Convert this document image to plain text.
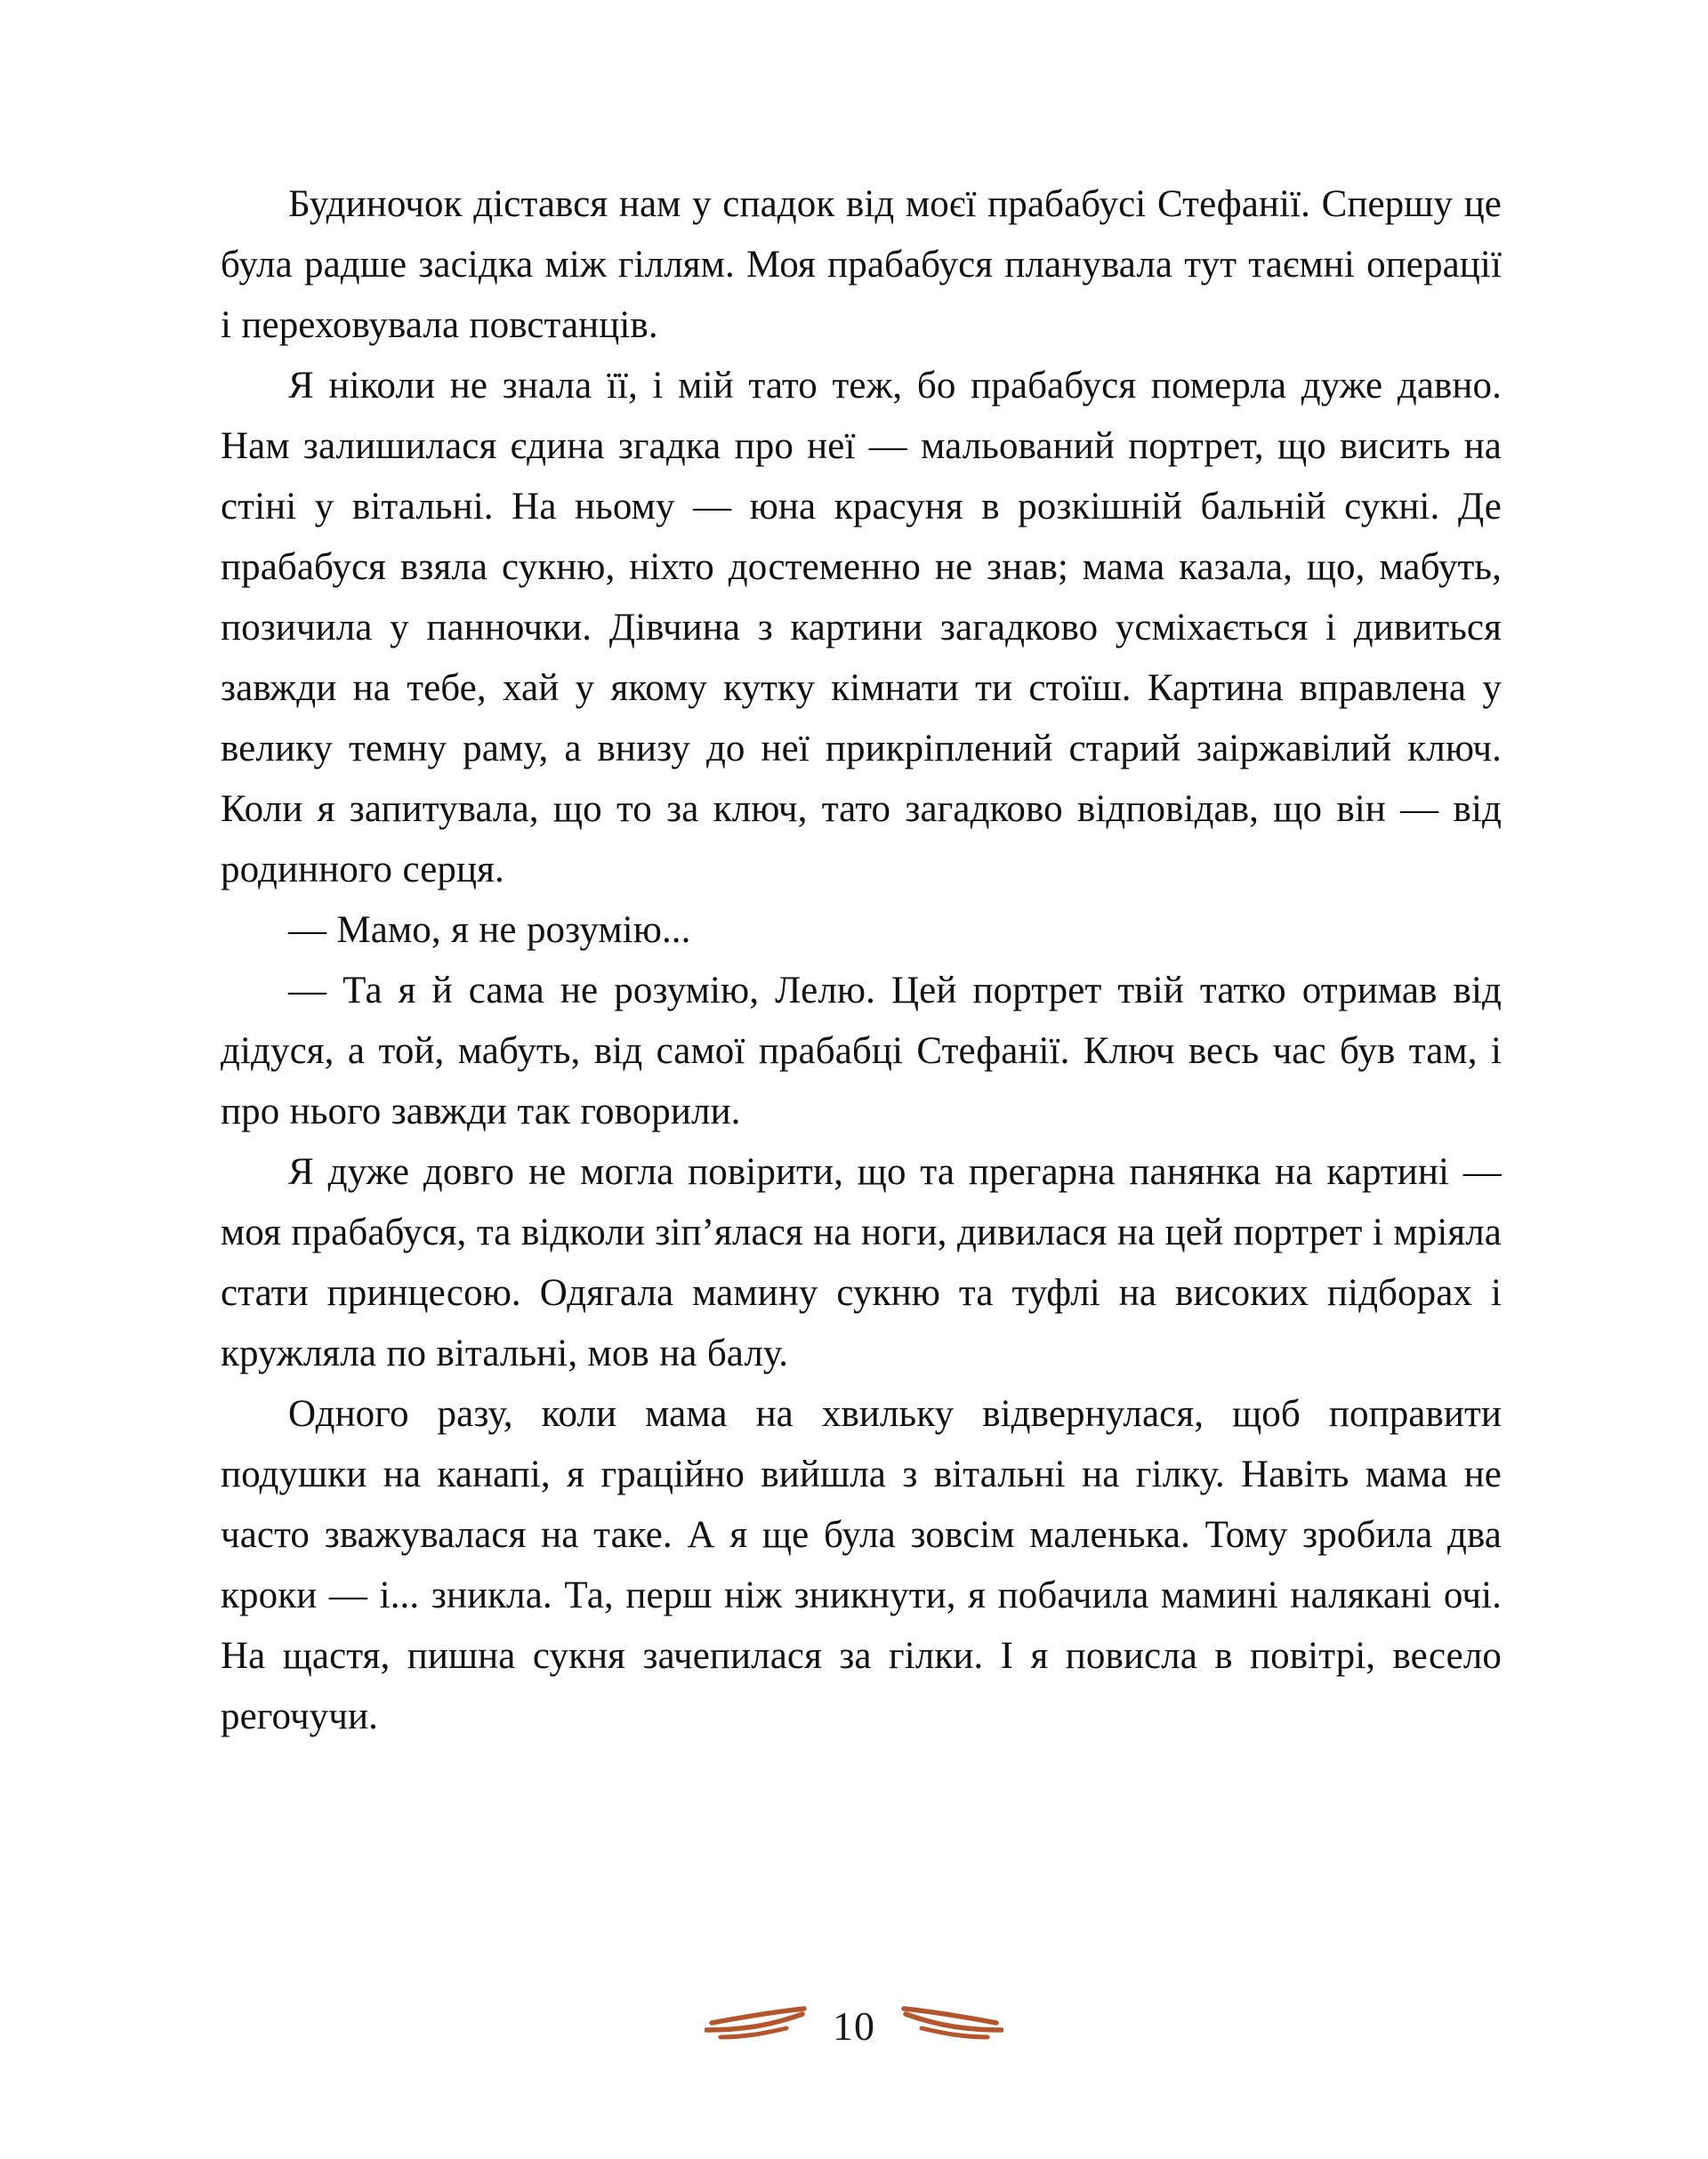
Будиночок дістався нам у спадок від моєї прабабусі Стефанії. Спершу це була радше засідка між гіллям. Моя прабабуся планувала тут таємні операції і переховувала повстанців.

Я ніколи не знала її, і мій тато теж, бо прабабуся померла дуже давно. Нам залишилася єдина згадка про неї — мальований портрет, що висить на стіні у вітальні. На ньому — юна красуня в розкішній бальній сукні. Де прабабуся взяла сукню, ніхто достеменно не знав; мама казала, що, мабуть, позичила у панночки. Дівчина з картини загадково усміхається і дивиться завжди на тебе, хай у якому кутку кімнати ти стоїш. Картина вправлена у велику темну раму, а внизу до неї прикріплений старий заіржавілий ключ. Коли я запитувала, що то за ключ, тато загадково відповідав, що він — від родинного серця.

— Мамо, я не розумію...

— Та я й сама не розумію, Лелю. Цей портрет твій татко отримав від дідуся, а той, мабуть, від самої прабабці Стефанії. Ключ весь час був там, і про нього завжди так говорили.

Я дуже довго не могла повірити, що та прегарна панянка на картині — моя прабабуся, та відколи зіп’ялася на ноги, дивилася на цей портрет і мріяла стати принцесою. Одягала мамину сукню та туфлі на високих підборах і кружляла по вітальні, мов на балу.

Одного разу, коли мама на хвильку відвернулася, щоб поправити подушки на канапі, я граційно вийшла з вітальні на гілку. Навіть мама не часто зважувалася на таке. А я ще була зовсім маленька. Тому зробила два кроки — і... зникла. Та, перш ніж зникнути, я побачила мамині налякані очі. На щастя, пишна сукня зачепилася за гілки. І я повисла в повітрі, весело регочучи.

10
